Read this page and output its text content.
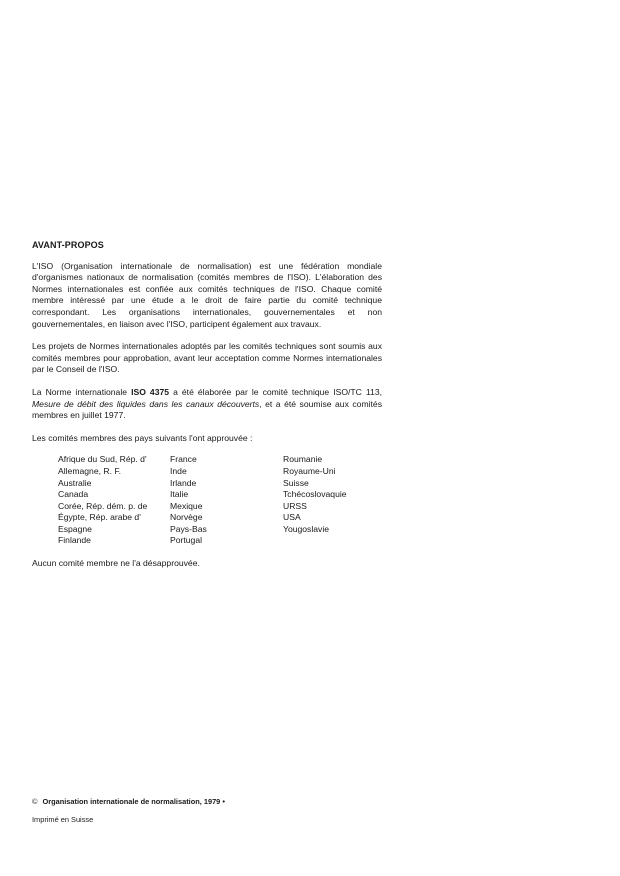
AVANT-PROPOS

L'ISO (Organisation internationale de normalisation) est une fédération mondiale d'organismes nationaux de normalisation (comités membres de l'ISO). L'élaboration des Normes internationales est confiée aux comités techniques de l'ISO. Chaque comité membre intéressé par une étude a le droit de faire partie du comité technique correspondant. Les organisations internationales, gouvernementales et non gouvernementales, en liaison avec l'ISO, participent également aux travaux.

Les projets de Normes internationales adoptés par les comités techniques sont soumis aux comités membres pour approbation, avant leur acceptation comme Normes internationales par le Conseil de l'ISO.

La Norme internationale ISO 4375 a été élaborée par le comité technique ISO/TC 113, Mesure de débit des liquides dans les canaux découverts, et a été soumise aux comités membres en juillet 1977.

Les comités membres des pays suivants l'ont approuvée :

Afrique du Sud, Rép. d'
Allemagne, R. F.
Australie
Canada
Corée, Rép. dém. p. de
Égypte, Rép. arabe d'
Espagne
Finlande
France
Inde
Irlande
Italie
Mexique
Norvège
Pays-Bas
Portugal
Roumanie
Royaume-Uni
Suisse
Tchécoslovaquie
URSS
USA
Yougoslavie

Aucun comité membre ne l'a désapprouvée.

© Organisation internationale de normalisation, 1979 •
Imprimé en Suisse
